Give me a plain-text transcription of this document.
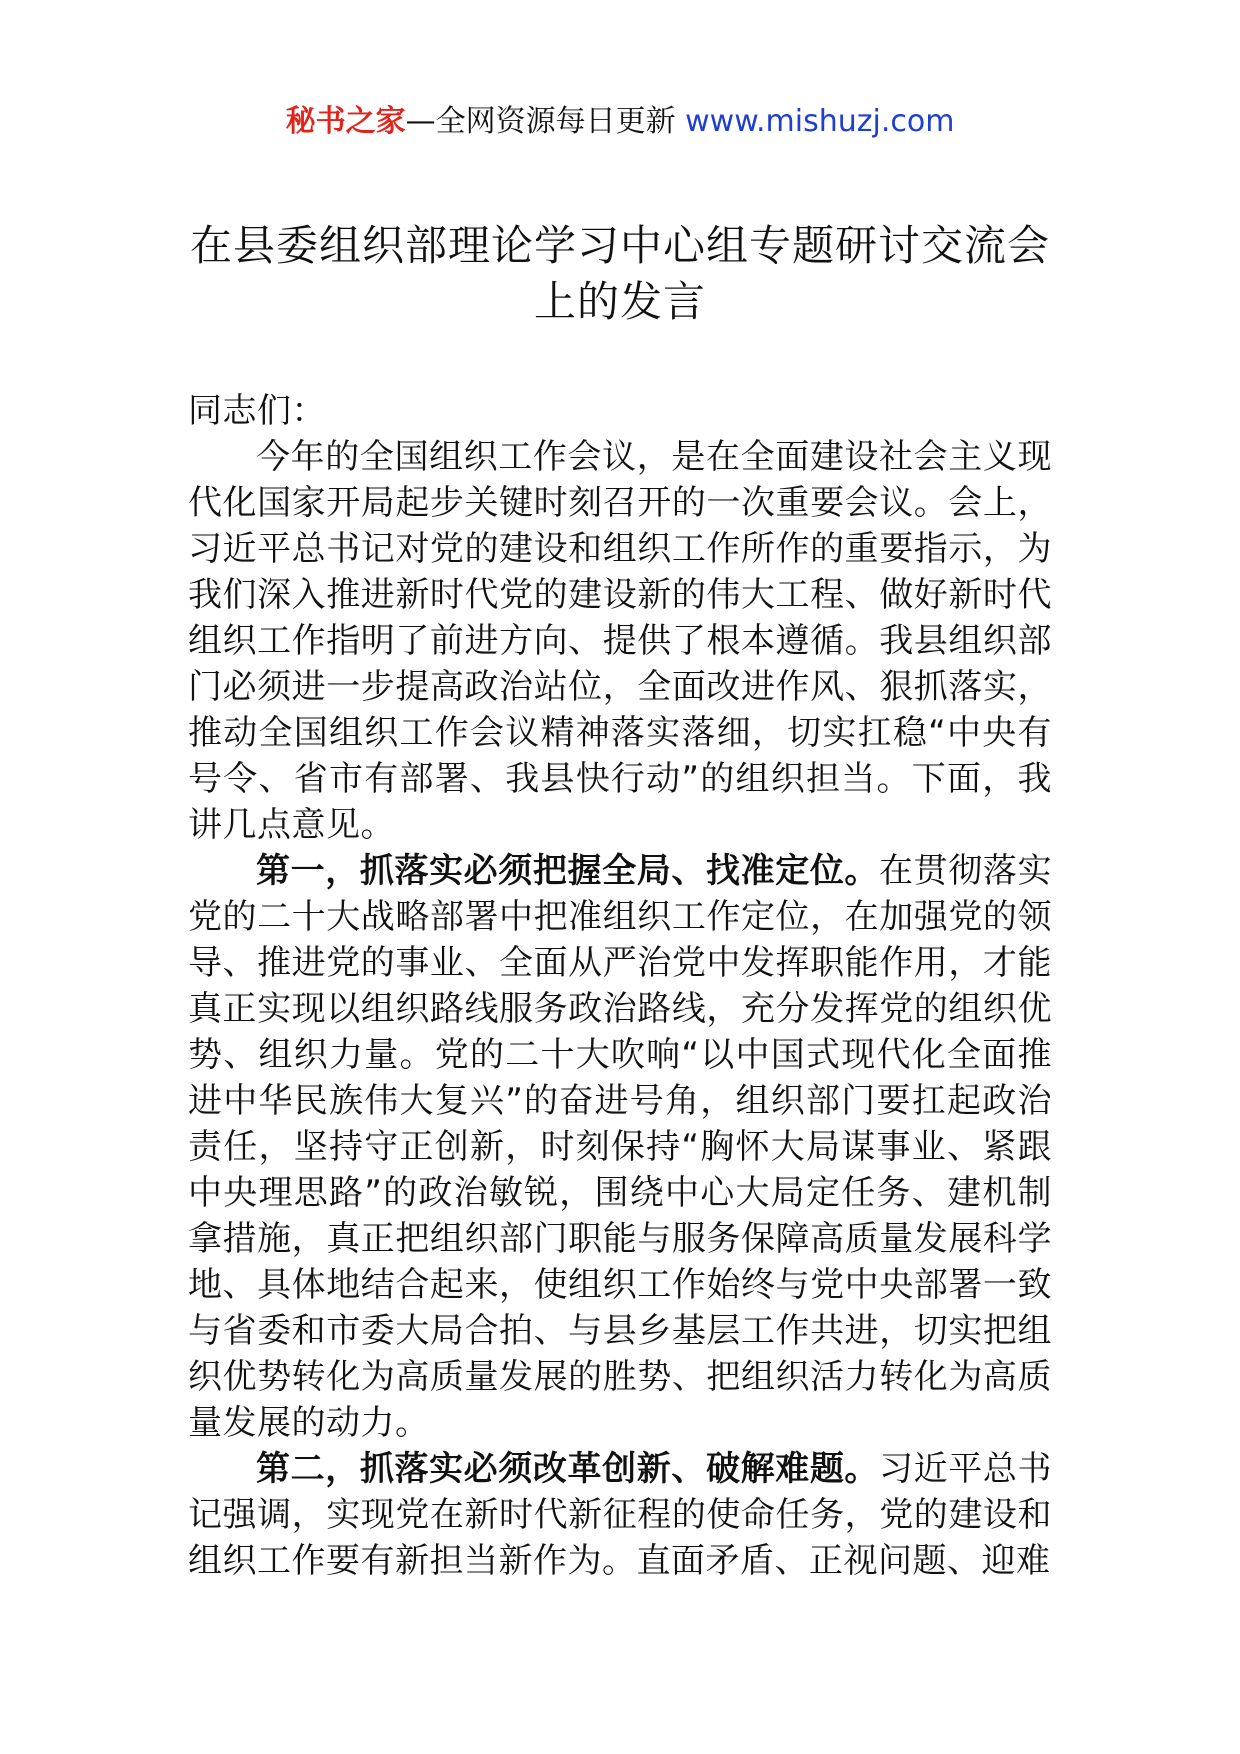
秘书之家—全网资源每日更新 www.mishuzj.com
在县委组织部理论学习中心组专题研讨交流会上的发言

同志们：

今年的全国组织工作会议，是在全面建设社会主义现代化国家开局起步关键时刻召开的一次重要会议。会上，习近平总书记对党的建设和组织工作所作的重要指示，为我们深入推进新时代党的建设新的伟大工程、做好新时代组织工作指明了前进方向、提供了根本遵循。我县组织部门必须进一步提高政治站位，全面改进作风、狠抓落实，推动全国组织工作会议精神落实落细，切实扛稳“中央有号令、省市有部署、我县快行动”的组织担当。下面，我讲几点意见。

第一，抓落实必须把握全局、找准定位。在贯彻落实党的二十大战略部署中把准组织工作定位，在加强党的领导、推进党的事业、全面从严治党中发挥职能作用，才能真正实现以组织路线服务政治路线，充分发挥党的组织优势、组织力量。党的二十大吹响“以中国式现代化全面推进中华民族伟大复兴”的奋进号角，组织部门要扛起政治责任，坚持守正创新，时刻保持“胸怀大局谋事业、紧跟中央理思路”的政治敏锐，围绕中心大局定任务、建机制拿措施，真正把组织部门职能与服务保障高质量发展科学地、具体地结合起来，使组织工作始终与党中央部署一致与省委和市委大局合拍、与县乡基层工作共进，切实把组织优势转化为高质量发展的胜势、把组织活力转化为高质量发展的动力。

第二，抓落实必须改革创新、破解难题。习近平总书记强调，实现党在新时代新征程的使命任务，党的建设和组织工作要有新担当新作为。直面矛盾、正视问题、迎难
